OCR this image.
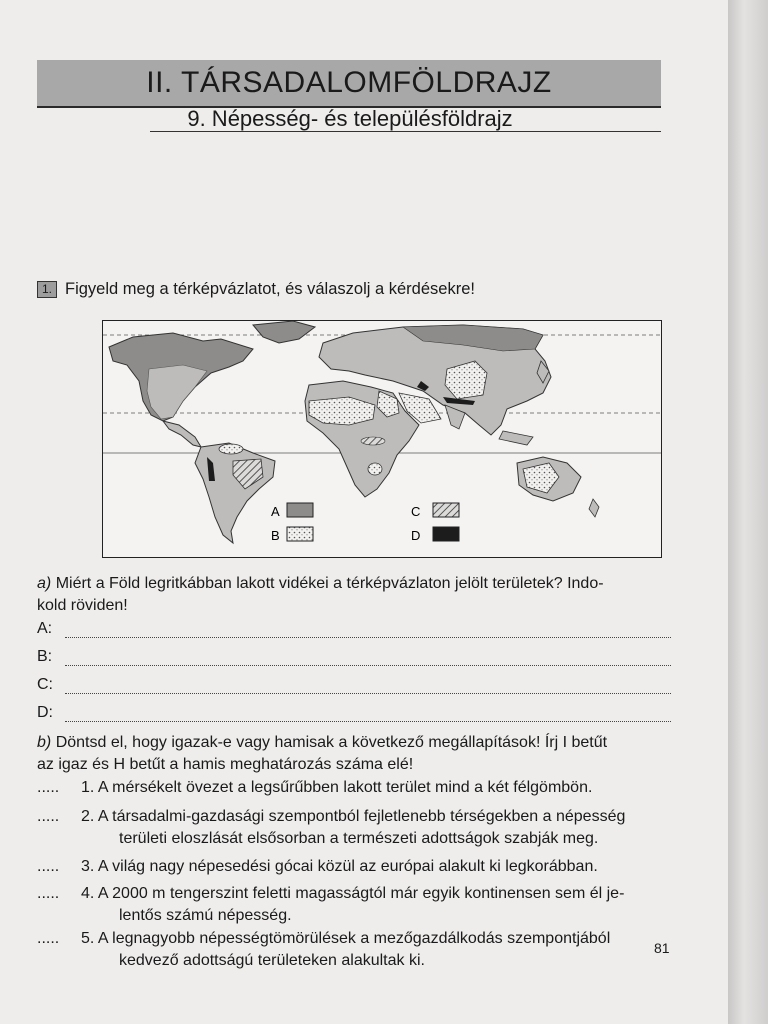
II. TÁRSADALOMFÖLDRAJZ
9. Népesség- és településföldrajz
1. Figyeld meg a térképvázlatot, és válaszolj a kérdésekre!
A
B
C
D
a) Miért a Föld legritkábban lakott vidékei a térképvázlaton jelölt területek? Indo-
kold röviden!
A:
B:
C:
D:
b) Döntsd el, hogy igazak-e vagy hamisak a következő megállapítások! Írj I betűt
az igaz és H betűt a hamis meghatározás száma elé!
..... 1. A mérsékelt övezet a legsűrűbben lakott terület mind a két félgömbön.
..... 2. A társadalmi-gazdasági szempontból fejletlenebb térségekben a népesség
területi eloszlását elsősorban a természeti adottságok szabják meg.
..... 3. A világ nagy népesedési gócai közül az európai alakult ki legkorábban.
..... 4. A 2000 m tengerszint feletti magasságtól már egyik kontinensen sem él je-
lentős számú népesség.
..... 5. A legnagyobb népességtömörülések a mezőgazdálkodás szempontjából
kedvező adottságú területeken alakultak ki.
81
